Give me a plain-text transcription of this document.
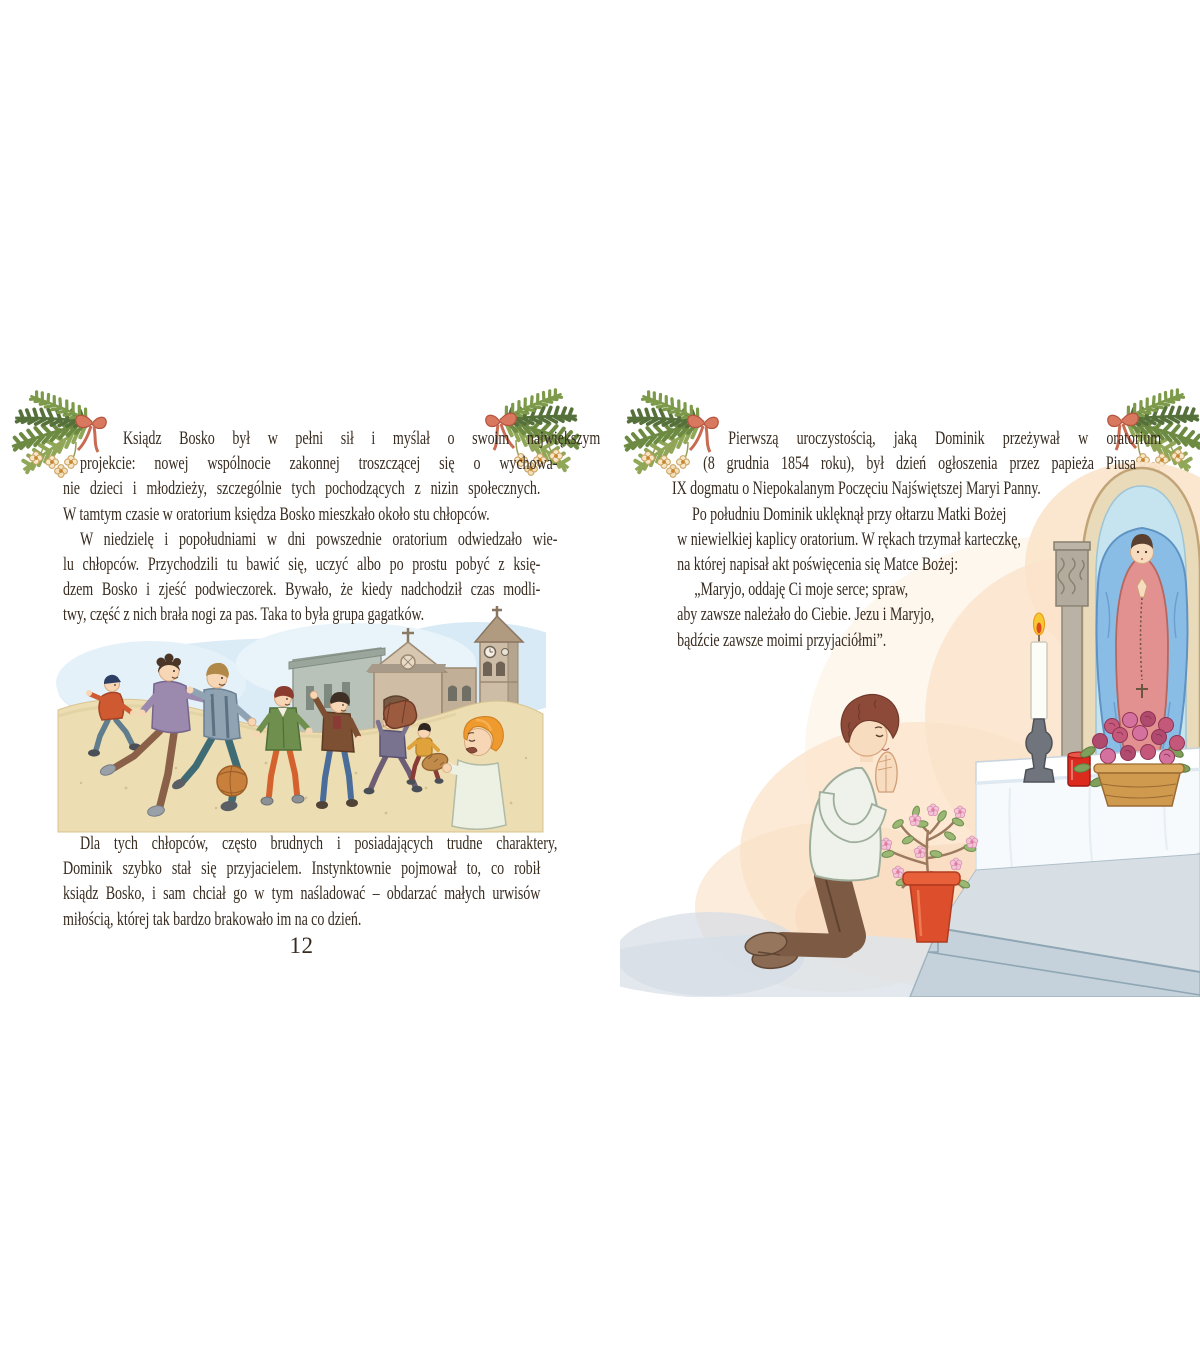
Ksiądz Bosko był w pełni sił i myślał o swoim największym
projekcie: nowej wspólnocie zakonnej troszczącej się o wychowa-
nie dzieci i młodzieży, szczególnie tych pochodzących z nizin społecznych.
W tamtym czasie w oratorium księdza Bosko mieszkało około stu chłopców.
W niedzielę i popołudniami w dni powszednie oratorium odwiedzało wie-
lu chłopców. Przychodzili tu bawić się, uczyć albo po prostu pobyć z księ-
dzem Bosko i zjeść podwieczorek. Bywało, że kiedy nadchodził czas modli-
twy, część z nich brała nogi za pas. Taka to była grupa gagatków.
Dla tych chłopców, często brudnych i posiadających trudne charaktery,
Dominik szybko stał się przyjacielem. Instynktownie pojmował to, co robił
ksiądz Bosko, i sam chciał go w tym naśladować – obdarzać małych urwisów
miłością, której tak bardzo brakowało im na co dzień.
12
Pierwszą uroczystością, jaką Dominik przeżywał w oratorium
(8 grudnia 1854 roku), był dzień ogłoszenia przez papieża Piusa
IX dogmatu o Niepokalanym Poczęciu Najświętszej Maryi Panny.
Po południu Dominik uklęknął przy ołtarzu Matki Bożej
w niewielkiej kaplicy oratorium. W rękach trzymał karteczkę,
na której napisał akt poświęcenia się Matce Bożej:
„Maryjo, oddaję Ci moje serce; spraw,
aby zawsze należało do Ciebie. Jezu i Maryjo,
bądźcie zawsze moimi przyjaciółmi”.
